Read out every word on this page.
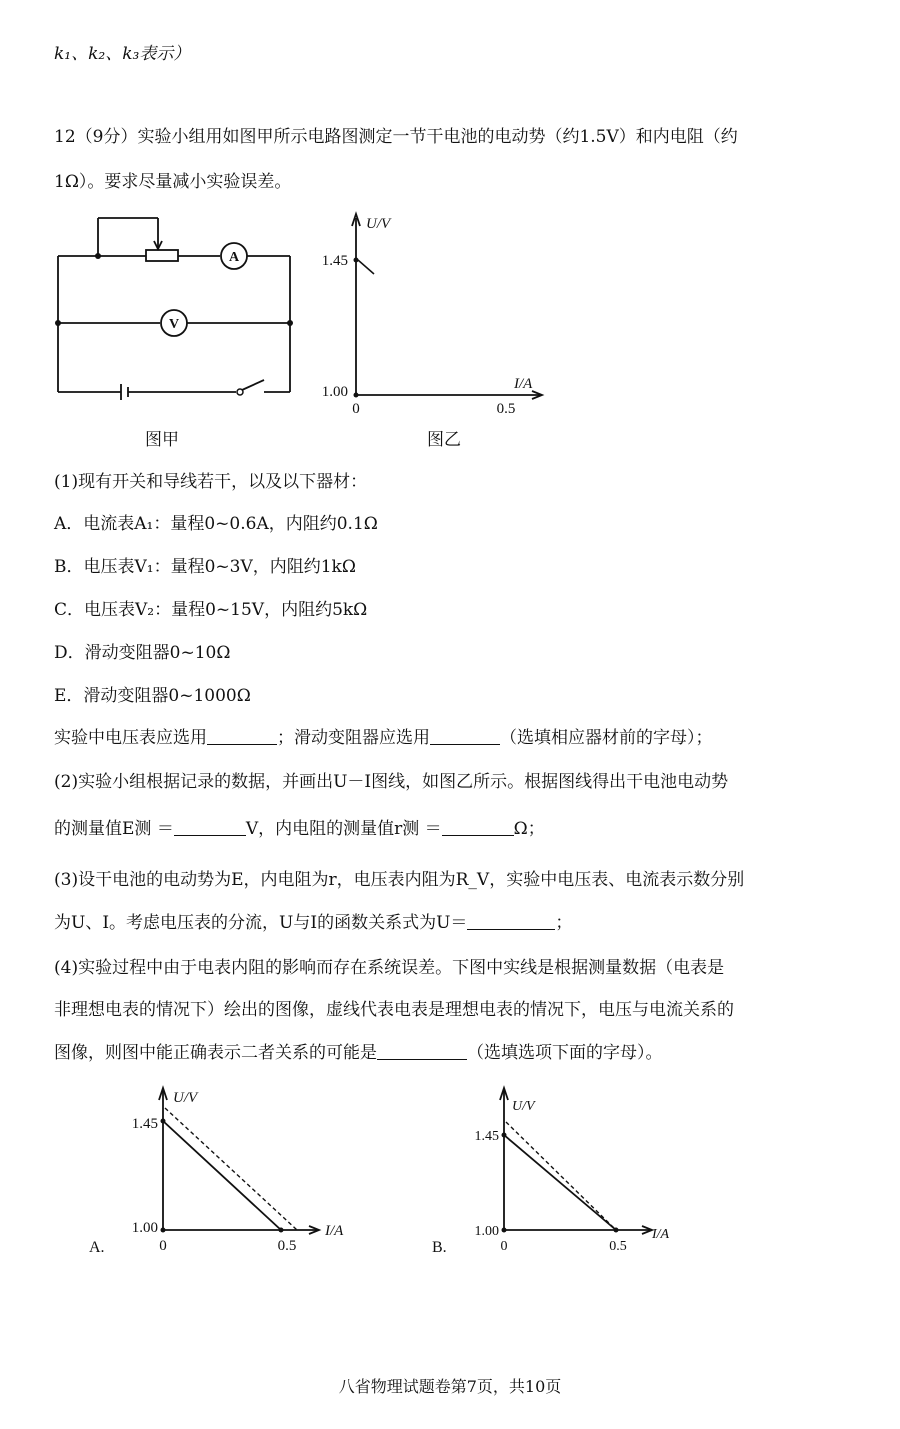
k₁、k₂、k₃表示）
12（9分）实验小组用如图甲所示电路图测定一节干电池的电动势（约1.5V）和内电阻（约
1Ω）。要求尽量减小实验误差。
A
V
图甲
U/V
1.45
1.00
0	0.5
I/A
图乙
(1)现有开关和导线若干，以及以下器材：
A．电流表A₁：量程0~0.6A，内阻约0.1Ω
B．电压表V₁：量程0~3V，内阻约1kΩ
C．电压表V₂：量程0~15V，内阻约5kΩ
D．滑动变阻器0~10Ω
E．滑动变阻器0~1000Ω
实验中电压表应选用	；滑动变阻器应选用	（选填相应器材前的字母）；
(2)实验小组根据记录的数据，并画出U－I图线，如图乙所示。根据图线得出干电池电动势
的测量值E测 ＝	V，内电阻的测量值r测 ＝	Ω；
(3)设干电池的电动势为E，内电阻为r，电压表内阻为R_V，实验中电压表、电流表示数分别
为U、I。考虑电压表的分流，U与I的函数关系式为U＝	；
(4)实验过程中由于电表内阻的影响而存在系统误差。下图中实线是根据测量数据（电表是
非理想电表的情况下）绘出的图像，虚线代表电表是理想电表的情况下，电压与电流关系的
图像，则图中能正确表示二者关系的可能是	（选填选项下面的字母）。
U/V
1.45
1.00
0	0.5
I/A
A.
U/V
1.45
1.00
0	0.5
I/A
B.
八省物理试题卷第7页，共10页
